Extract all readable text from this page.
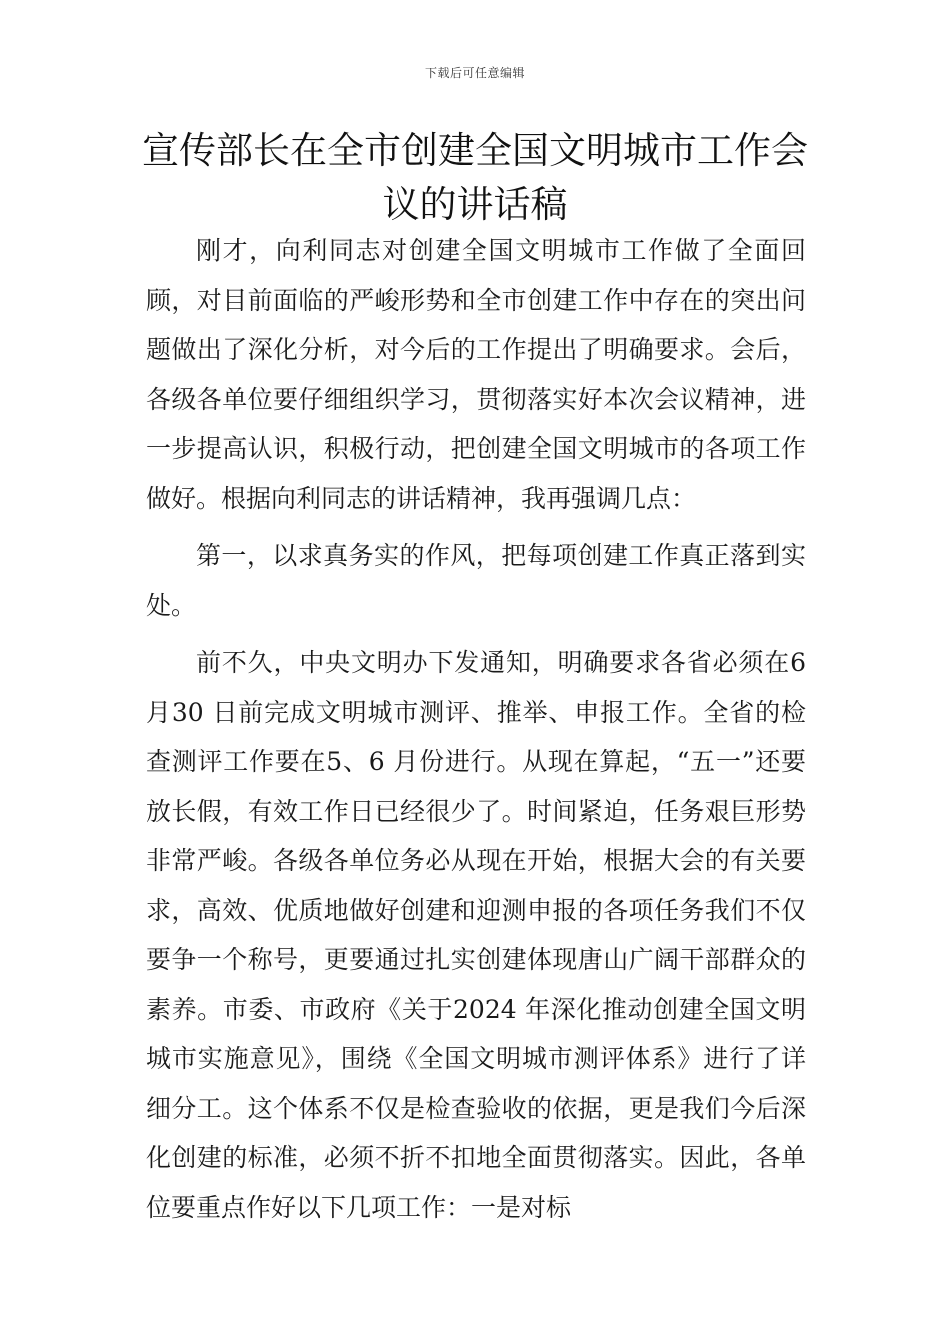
下载后可任意编辑
宣传部长在全市创建全国文明城市工作会议的讲话稿

刚才，向利同志对创建全国文明城市工作做了全面回顾，对目前面临的严峻形势和全市创建工作中存在的突出问题做出了深化分析，对今后的工作提出了明确要求。会后，各级各单位要仔细组织学习，贯彻落实好本次会议精神，进一步提高认识，积极行动，把创建全国文明城市的各项工作做好。根据向利同志的讲话精神，我再强调几点：

第一，以求真务实的作风，把每项创建工作真正落到实处。

前不久，中央文明办下发通知，明确要求各省必须在6月30 日前完成文明城市测评、推举、申报工作。全省的检查测评工作要在5、6 月份进行。从现在算起，“五一”还要放长假，有效工作日已经很少了。时间紧迫，任务艰巨形势非常严峻。各级各单位务必从现在开始，根据大会的有关要求，高效、优质地做好创建和迎测申报的各项任务我们不仅要争一个称号，更要通过扎实创建体现唐山广阔干部群众的素养。市委、市政府《关于2024 年深化推动创建全国文明城市实施意见》，围绕《全国文明城市测评体系》进行了详细分工。这个体系不仅是检查验收的依据，更是我们今后深化创建的标准，必须不折不扣地全面贯彻落实。因此，各单位要重点作好以下几项工作：一是对标
